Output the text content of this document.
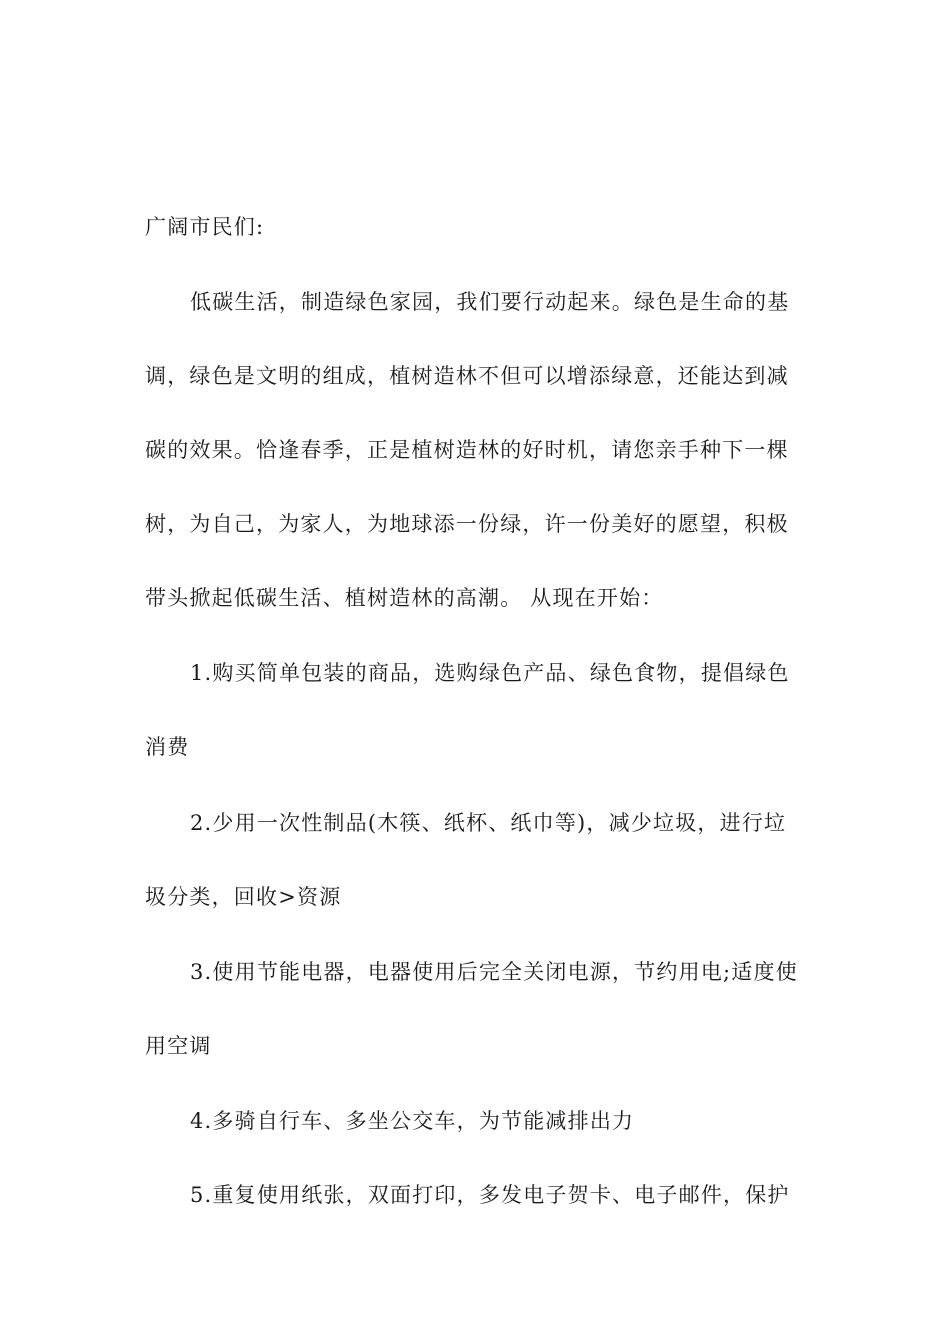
广阔市民们:
低碳生活，制造绿色家园，我们要行动起来。绿色是生命的基
调，绿色是文明的组成，植树造林不但可以增添绿意，还能达到减
碳的效果。恰逢春季，正是植树造林的好时机，请您亲手种下一棵
树，为自己，为家人，为地球添一份绿，许一份美好的愿望，积极
带头掀起低碳生活、植树造林的高潮。 从现在开始：
1.购买简单包装的商品，选购绿色产品、绿色食物，提倡绿色
消费
2.少用一次性制品(木筷、纸杯、纸巾等)，减少垃圾，进行垃
圾分类，回收>资源
3.使用节能电器，电器使用后完全关闭电源，节约用电;适度使
用空调
4.多骑自行车、多坐公交车，为节能减排出力
5.重复使用纸张，双面打印，多发电子贺卡、电子邮件，保护
